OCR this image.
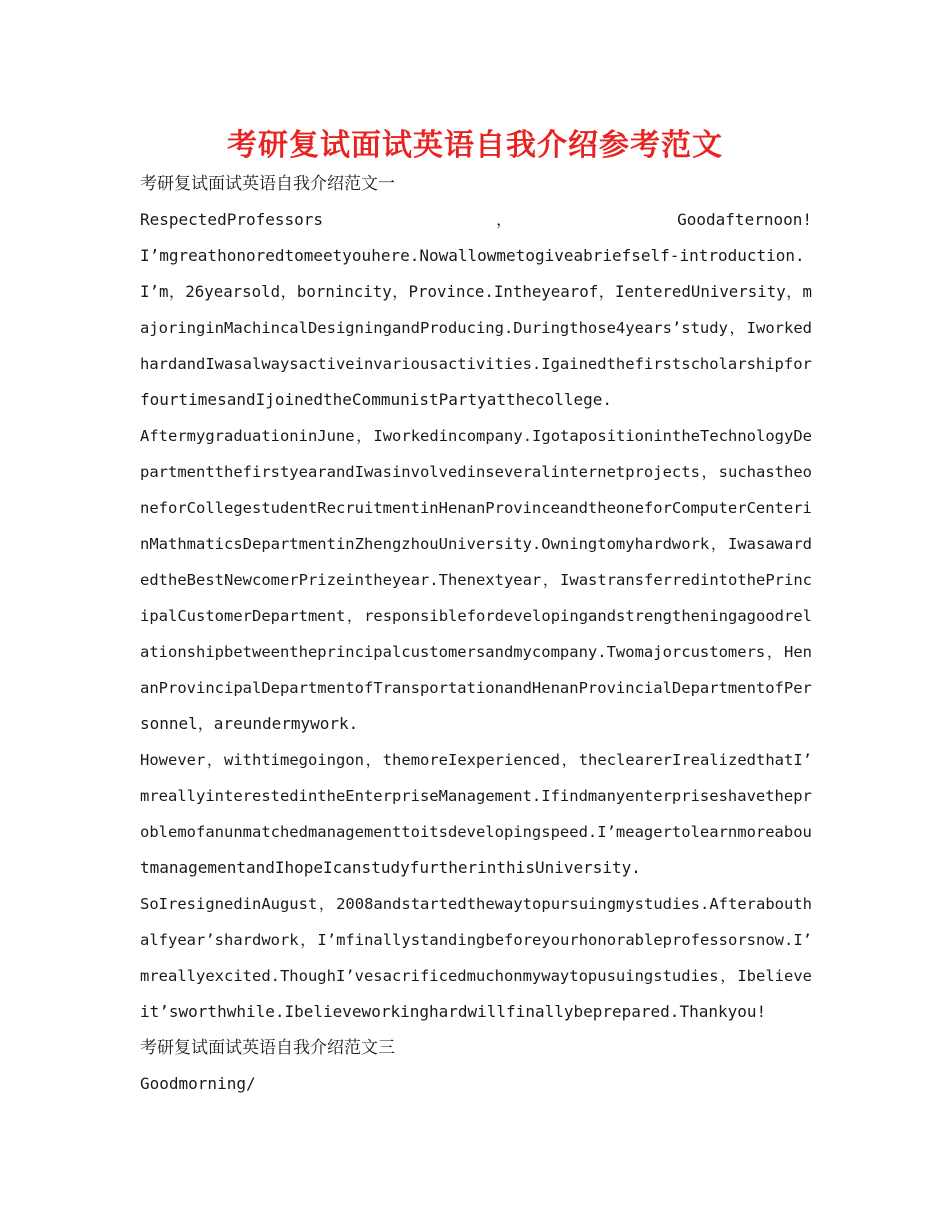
考研复试面试英语自我介绍参考范文
考研复试面试英语自我介绍范文一
RespectedProfessors　　　　　　　　，　　　　　　　　Goodafternoon!
I’mgreathonoredtomeetyouhere.Nowallowmetogiveabriefself-introduction.
I’m，26yearsold，bornincity，Province.Intheyearof，IenteredUniversity，m
ajoringinMachincalDesigningandProducing.Duringthose4years’study，Iworked
hardandIwasalwaysactiveinvariousactivities.Igainedthefirstscholarshipfor
fourtimesandIjoinedtheCommunistPartyatthecollege.
AftermygraduationinJune，Iworkedincompany.IgotapositionintheTechnologyDe
partmentthefirstyearandIwasinvolvedinseveralinternetprojects，suchastheo
neforCollegestudentRecruitmentinHenanProvinceandtheoneforComputerCenteri
nMathmaticsDepartmentinZhengzhouUniversity.Owningtomyhardwork，Iwasaward
edtheBestNewcomerPrizeintheyear.Thenextyear，IwastransferredintothePrinc
ipalCustomerDepartment，responsiblefordevelopingandstrengtheningagoodrel
ationshipbetweentheprincipalcustomersandmycompany.Twomajorcustomers，Hen
anProvincipalDepartmentofTransportationandHenanProvincialDepartmentofPer
sonnel，areundermywork.
However，withtimegoingon，themoreIexperienced，theclearerIrealizedthatI’
mreallyinterestedintheEnterpriseManagement.Ifindmanyenterpriseshavethepr
oblemofanunmatchedmanagementtoitsdevelopingspeed.I’meagertolearnmoreabou
tmanagementandIhopeIcanstudyfurtherinthisUniversity.
SoIresignedinAugust，2008andstartedthewaytopursuingmystudies.Afterabouth
alfyear’shardwork，I’mfinallystandingbeforeyourhonorableprofessorsnow.I’
mreallyexcited.ThoughI’vesacrificedmuchonmywaytopusuingstudies，Ibelieve
it’sworthwhile.Ibelieveworkinghardwillfinallybeprepared.Thankyou!
考研复试面试英语自我介绍范文三
Goodmorning/
